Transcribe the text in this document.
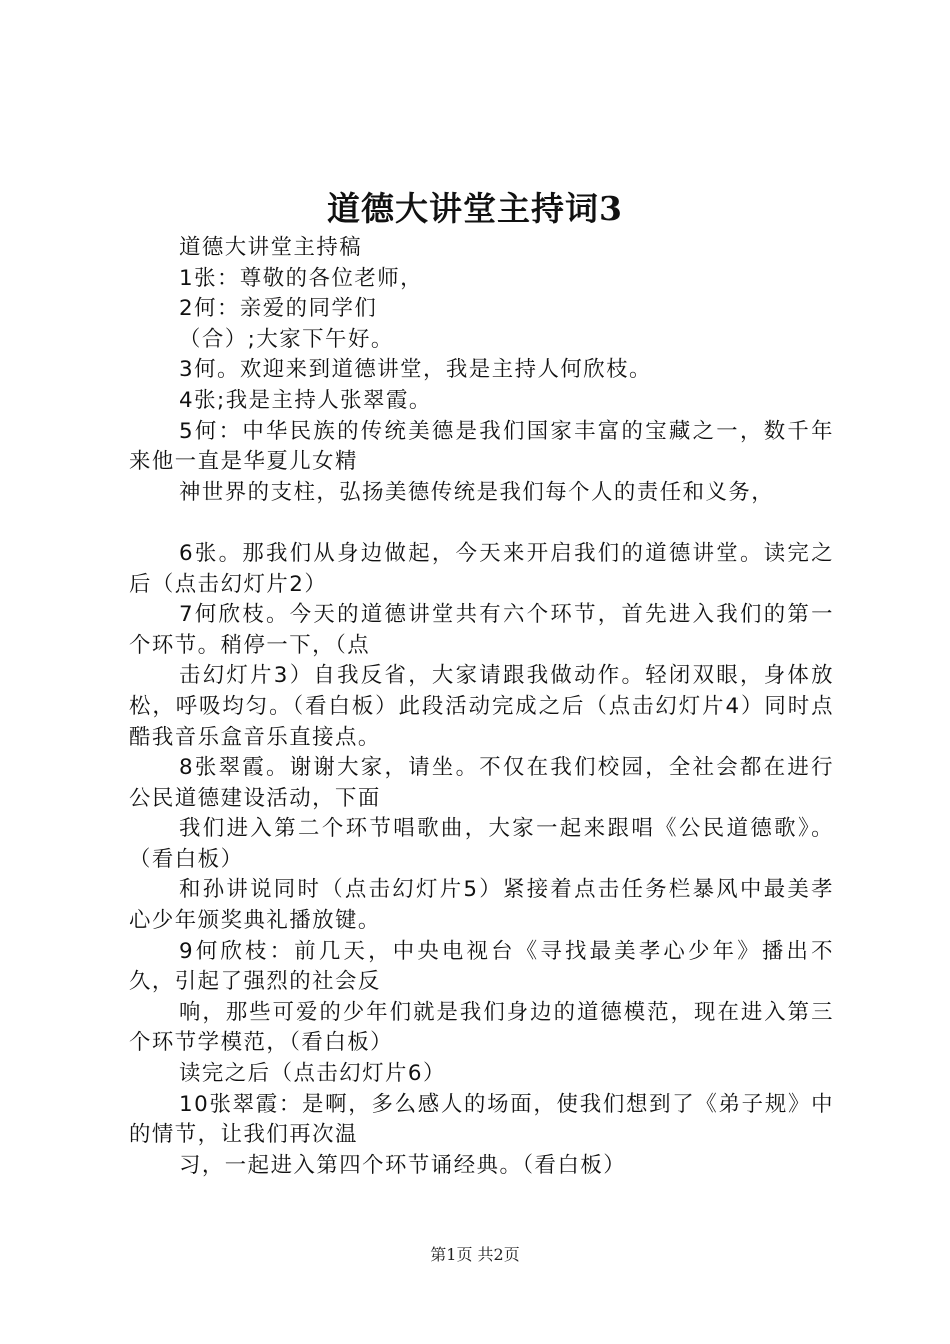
道德大讲堂主持词3

道德大讲堂主持稿

1张：尊敬的各位老师，

2何：亲爱的同学们

（合）;大家下午好。

3何。欢迎来到道德讲堂，我是主持人何欣枝。

4张;我是主持人张翠霞。

5何：中华民族的传统美德是我们国家丰富的宝藏之一，数千年来他一直是华夏儿女精

神世界的支柱，弘扬美德传统是我们每个人的责任和义务，

6张。那我们从身边做起，今天来开启我们的道德讲堂。读完之后（点击幻灯片2）

7何欣枝。今天的道德讲堂共有六个环节，首先进入我们的第一个环节。稍停一下，（点

击幻灯片3）自我反省，大家请跟我做动作。轻闭双眼，身体放松，呼吸均匀。（看白板）此段活动完成之后（点击幻灯片4）同时点酷我音乐盒音乐直接点。

8张翠霞。谢谢大家，请坐。不仅在我们校园，全社会都在进行公民道德建设活动，下面

我们进入第二个环节唱歌曲，大家一起来跟唱《公民道德歌》。（看白板）

和孙讲说同时（点击幻灯片5）紧接着点击任务栏暴风中最美孝心少年颁奖典礼播放键。

9何欣枝：前几天，中央电视台《寻找最美孝心少年》播出不久，引起了强烈的社会反

响，那些可爱的少年们就是我们身边的道德模范，现在进入第三个环节学模范，（看白板）

读完之后（点击幻灯片6）

10张翠霞：是啊，多么感人的场面，使我们想到了《弟子规》中的情节，让我们再次温

习，一起进入第四个环节诵经典。（看白板）

第1页 共2页
